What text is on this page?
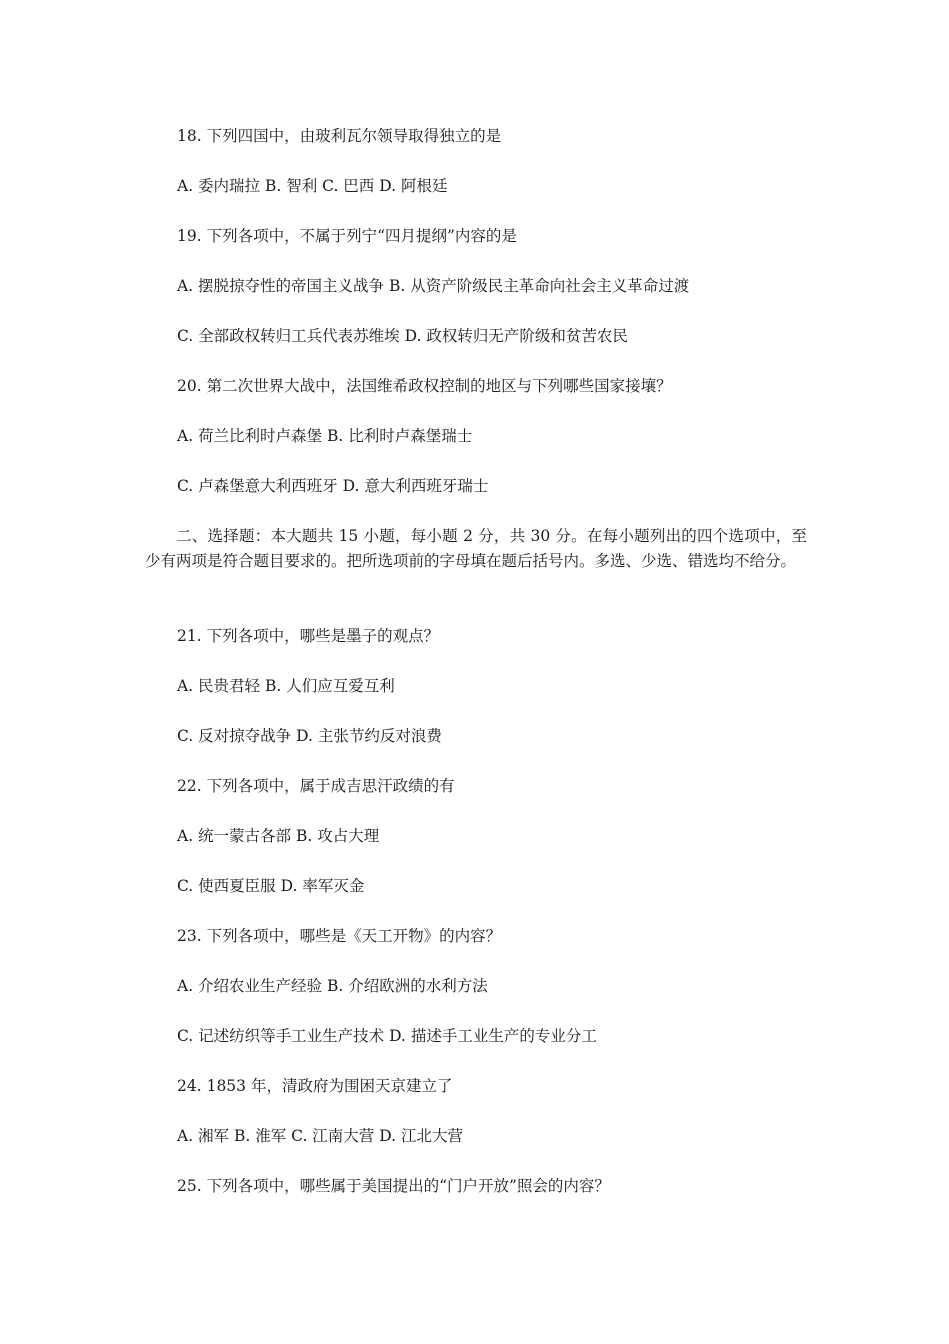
18. 下列四国中，由玻利瓦尔领导取得独立的是
A. 委内瑞拉 B. 智利 C. 巴西 D. 阿根廷
19. 下列各项中，不属于列宁“四月提纲”内容的是
A. 摆脱掠夺性的帝国主义战争 B. 从资产阶级民主革命向社会主义革命过渡
C. 全部政权转归工兵代表苏维埃 D. 政权转归无产阶级和贫苦农民
20. 第二次世界大战中，法国维希政权控制的地区与下列哪些国家接壤？
A. 荷兰比利时卢森堡 B. 比利时卢森堡瑞士
C. 卢森堡意大利西班牙 D. 意大利西班牙瑞士
二、选择题：本大题共 15 小题，每小题 2 分，共 30 分。在每小题列出的四个选项中，至少有两项是符合题目要求的。把所选项前的字母填在题后括号内。多选、少选、错选均不给分。
21. 下列各项中，哪些是墨子的观点？
A. 民贵君轻 B. 人们应互爱互利
C. 反对掠夺战争 D. 主张节约反对浪费
22. 下列各项中，属于成吉思汗政绩的有
A. 统一蒙古各部 B. 攻占大理
C. 使西夏臣服 D. 率军灭金
23. 下列各项中，哪些是《天工开物》的内容？
A. 介绍农业生产经验 B. 介绍欧洲的水利方法
C. 记述纺织等手工业生产技术 D. 描述手工业生产的专业分工
24. 1853 年，清政府为围困天京建立了
A. 湘军 B. 淮军 C. 江南大营 D. 江北大营
25. 下列各项中，哪些属于美国提出的“门户开放”照会的内容？
